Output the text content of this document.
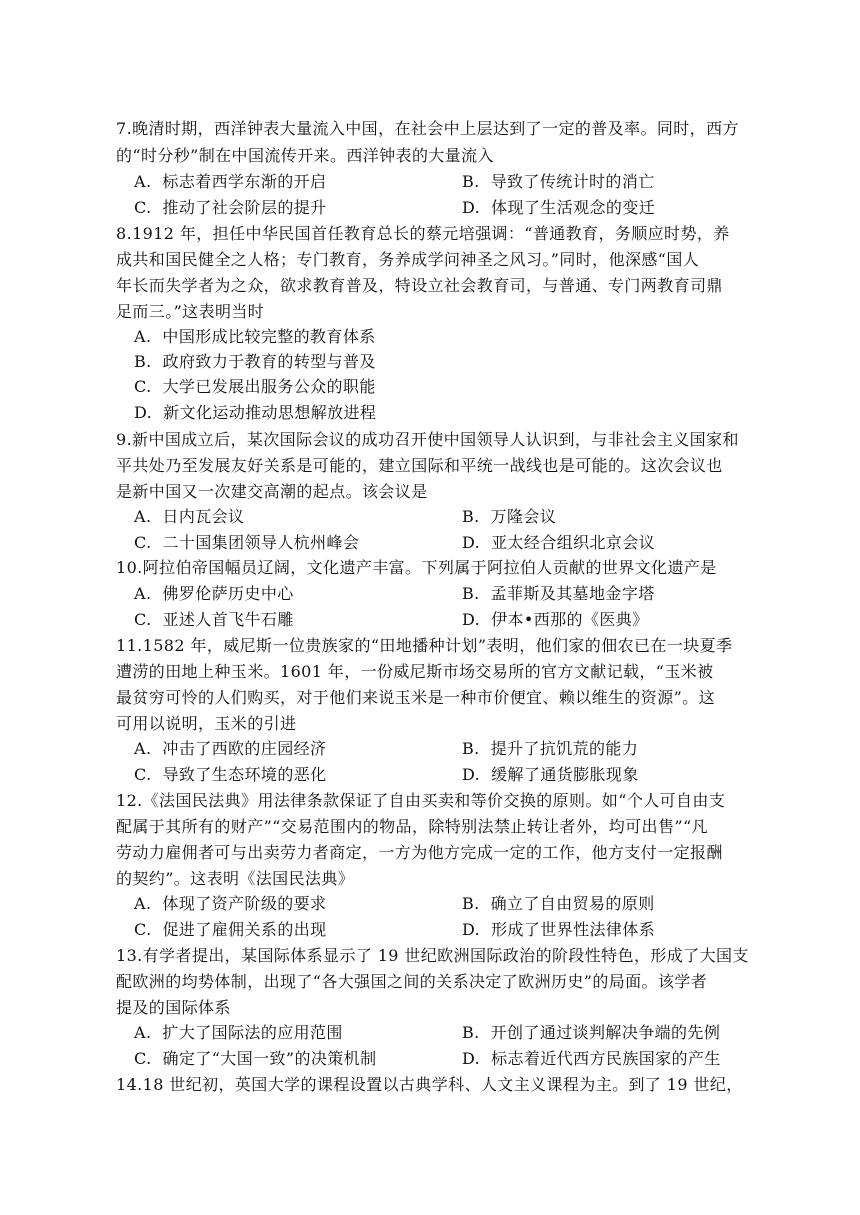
7.晚清时期，西洋钟表大量流入中国，在社会中上层达到了一定的普及率。同时，西方
的“时分秒”制在中国流传开来。西洋钟表的大量流入
A.  标志着西学东渐的开启	B.  导致了传统计时的消亡
C.  推动了社会阶层的提升	D.  体现了生活观念的变迁
8.1912 年，担任中华民国首任教育总长的蔡元培强调：“普通教育，务顺应时势，养
成共和国民健全之人格；专门教育，务养成学问神圣之风习。”同时，他深感“国人
年长而失学者为之众，欲求教育普及，特设立社会教育司，与普通、专门两教育司鼎
足而三。”这表明当时
A.  中国形成比较完整的教育体系
B.  政府致力于教育的转型与普及
C.  大学已发展出服务公众的职能
D.  新文化运动推动思想解放进程
9.新中国成立后，某次国际会议的成功召开使中国领导人认识到，与非社会主义国家和
平共处乃至发展友好关系是可能的，建立国际和平统一战线也是可能的。这次会议也
是新中国又一次建交高潮的起点。该会议是
A.  日内瓦会议	B.  万隆会议
C.  二十国集团领导人杭州峰会	D.  亚太经合组织北京会议
10.阿拉伯帝国幅员辽阔，文化遗产丰富。下列属于阿拉伯人贡献的世界文化遗产是
A.  佛罗伦萨历史中心	B.  孟菲斯及其墓地金字塔
C.  亚述人首飞牛石雕	D.  伊本•西那的《医典》
11.1582 年，威尼斯一位贵族家的“田地播种计划”表明，他们家的佃农已在一块夏季
遭涝的田地上种玉米。1601 年，一份威尼斯市场交易所的官方文献记载，“玉米被
最贫穷可怜的人们购买，对于他们来说玉米是一种市价便宜、赖以维生的资源”。这
可用以说明，玉米的引进
A.  冲击了西欧的庄园经济	B.  提升了抗饥荒的能力
C.  导致了生态环境的恶化	D.  缓解了通货膨胀现象
12.《法国民法典》用法律条款保证了自由买卖和等价交换的原则。如“个人可自由支
配属于其所有的财产”“交易范围内的物品，除特别法禁止转让者外，均可出售”“凡
劳动力雇佣者可与出卖劳力者商定，一方为他方完成一定的工作，他方支付一定报酬
的契约”。这表明《法国民法典》
A.  体现了资产阶级的要求	B.  确立了自由贸易的原则
C.  促进了雇佣关系的出现	D.  形成了世界性法律体系
13.有学者提出，某国际体系显示了 19 世纪欧洲国际政治的阶段性特色，形成了大国支
配欧洲的均势体制，出现了“各大强国之间的关系决定了欧洲历史”的局面。该学者
提及的国际体系
A.  扩大了国际法的应用范围	B.  开创了通过谈判解决争端的先例
C.  确定了“大国一致”的决策机制	D.  标志着近代西方民族国家的产生
14.18 世纪初，英国大学的课程设置以古典学科、人文主义课程为主。到了 19 世纪，
